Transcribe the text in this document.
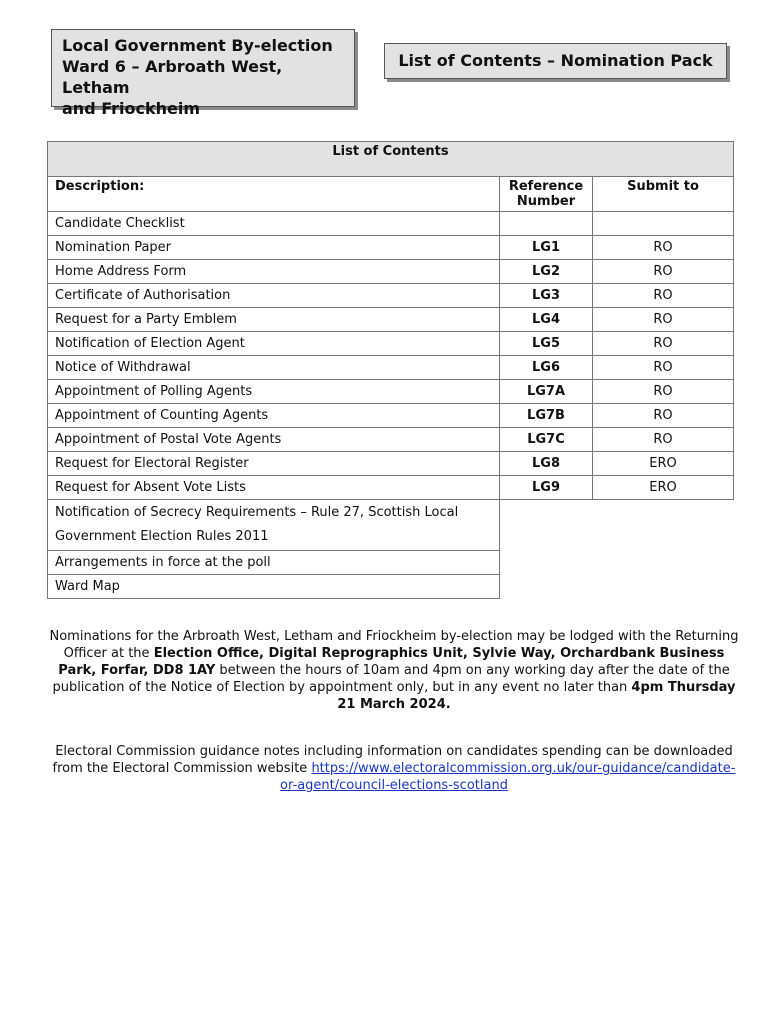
Local Government By-election
Ward 6 – Arbroath West, Letham
and Friockheim
List of Contents – Nomination Pack
List of Contents		
Description:	Reference Number	Submit to
Candidate Checklist		
Nomination Paper	LG1	RO
Home Address Form	LG2	RO
Certificate of Authorisation	LG3	RO
Request for a Party Emblem	LG4	RO
Notification of Election Agent	LG5	RO
Notice of Withdrawal	LG6	RO
Appointment of Polling Agents	LG7A	RO
Appointment of Counting Agents	LG7B	RO
Appointment of Postal Vote Agents	LG7C	RO
Request for Electoral Register	LG8	ERO
Request for Absent Vote Lists	LG9	ERO
Notification of Secrecy Requirements – Rule 27, Scottish Local Government Election Rules 2011		
Arrangements in force at the poll		
Ward Map		

Nominations for the Arbroath West, Letham and Friockheim by-election may be lodged with the Returning Officer at the Election Office, Digital Reprographics Unit, Sylvie Way, Orchardbank Business Park, Forfar, DD8 1AY between the hours of 10am and 4pm on any working day after the date of the publication of the Notice of Election by appointment only, but in any event no later than 4pm Thursday 21 March 2024.

Electoral Commission guidance notes including information on candidates spending can be downloaded from the Electoral Commission website https://www.electoralcommission.org.uk/our-guidance/candidate-or-agent/council-elections-scotland
